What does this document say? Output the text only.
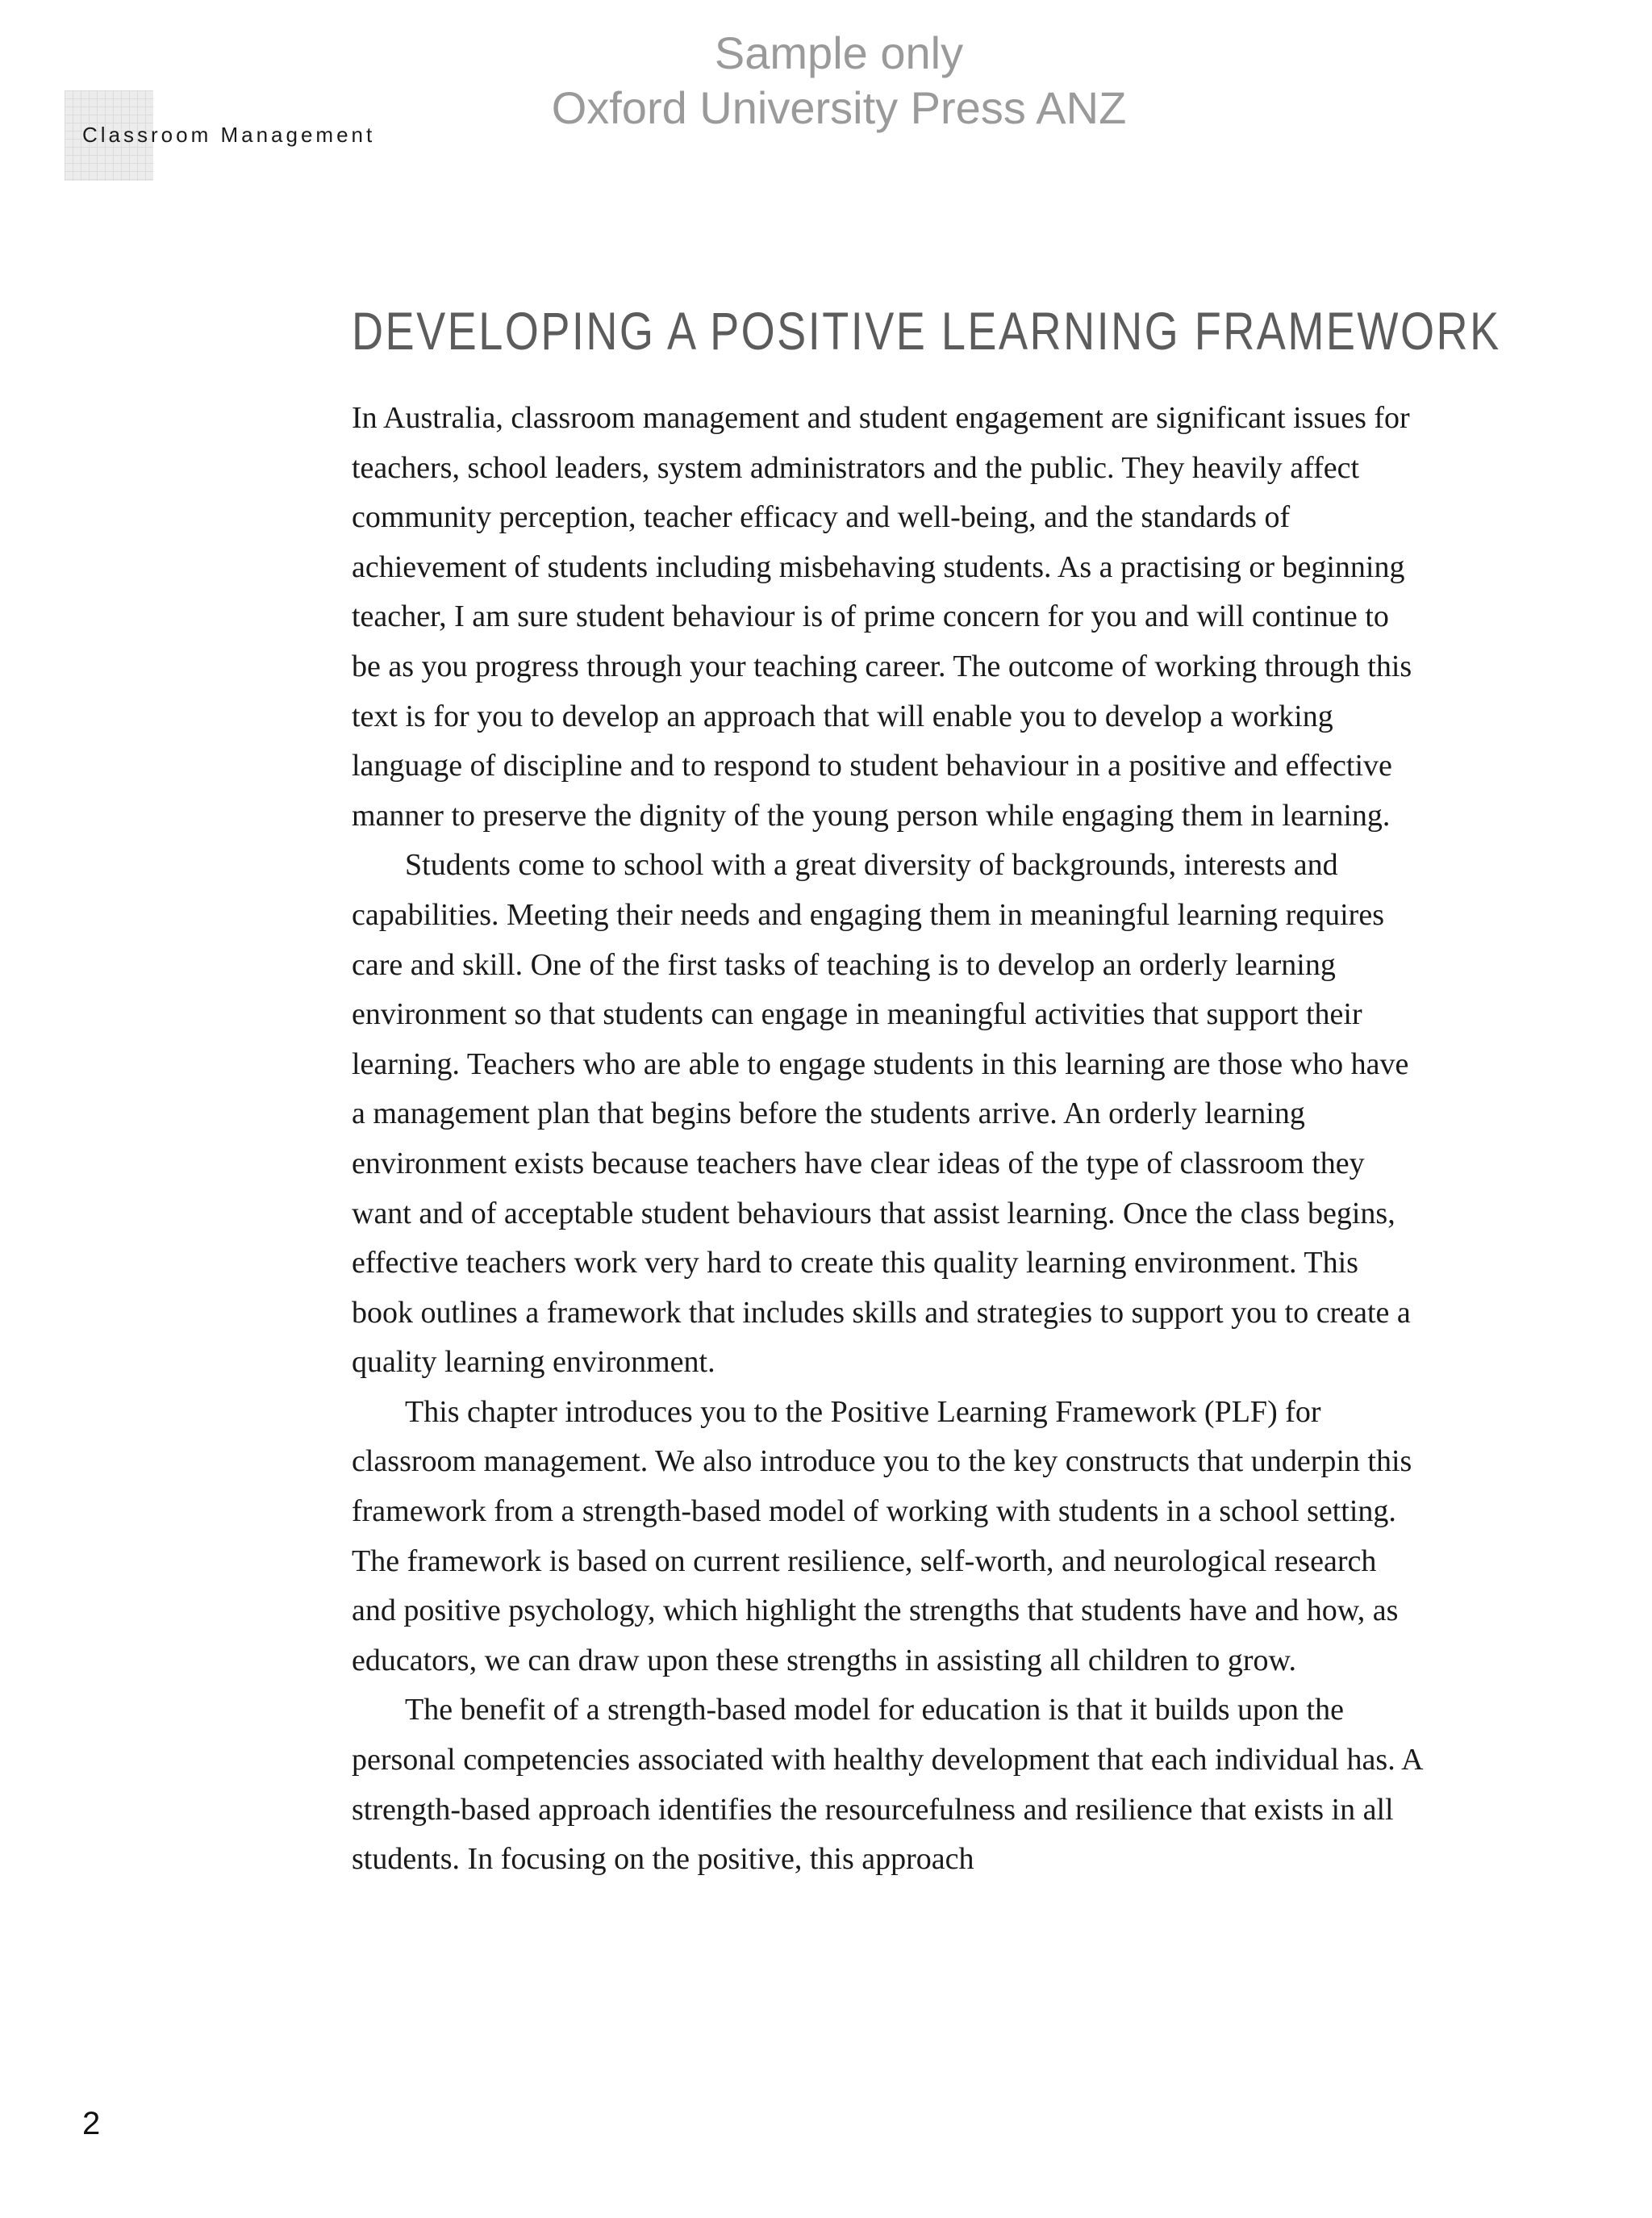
Sample only
Oxford University Press ANZ
Classroom Management
DEVELOPING A POSITIVE LEARNING FRAMEWORK

In Australia, classroom management and student engagement are significant issues for teachers, school leaders, system administrators and the public. They heavily affect community perception, teacher efficacy and well-being, and the standards of achievement of students including misbehaving students. As a practising or beginning teacher, I am sure student behaviour is of prime concern for you and will continue to be as you progress through your teaching career. The outcome of working through this text is for you to develop an approach that will enable you to develop a working language of discipline and to respond to student behaviour in a positive and effective manner to preserve the dignity of the young person while engaging them in learning.

Students come to school with a great diversity of backgrounds, interests and capabilities. Meeting their needs and engaging them in meaningful learning requires care and skill. One of the first tasks of teaching is to develop an orderly learning environment so that students can engage in meaningful activities that support their learning. Teachers who are able to engage students in this learning are those who have a management plan that begins before the students arrive. An orderly learning environment exists because teachers have clear ideas of the type of classroom they want and of acceptable student behaviours that assist learning. Once the class begins, effective teachers work very hard to create this quality learning environment. This book outlines a framework that includes skills and strategies to support you to create a quality learning environment.

This chapter introduces you to the Positive Learning Framework (PLF) for classroom management. We also introduce you to the key constructs that underpin this framework from a strength-based model of working with students in a school setting. The framework is based on current resilience, self-worth, and neurological research and positive psychology, which highlight the strengths that students have and how, as educators, we can draw upon these strengths in assisting all children to grow.

The benefit of a strength-based model for education is that it builds upon the personal competencies associated with healthy development that each individual has. A strength-based approach identifies the resourcefulness and resilience that exists in all students. In focusing on the positive, this approach

2
